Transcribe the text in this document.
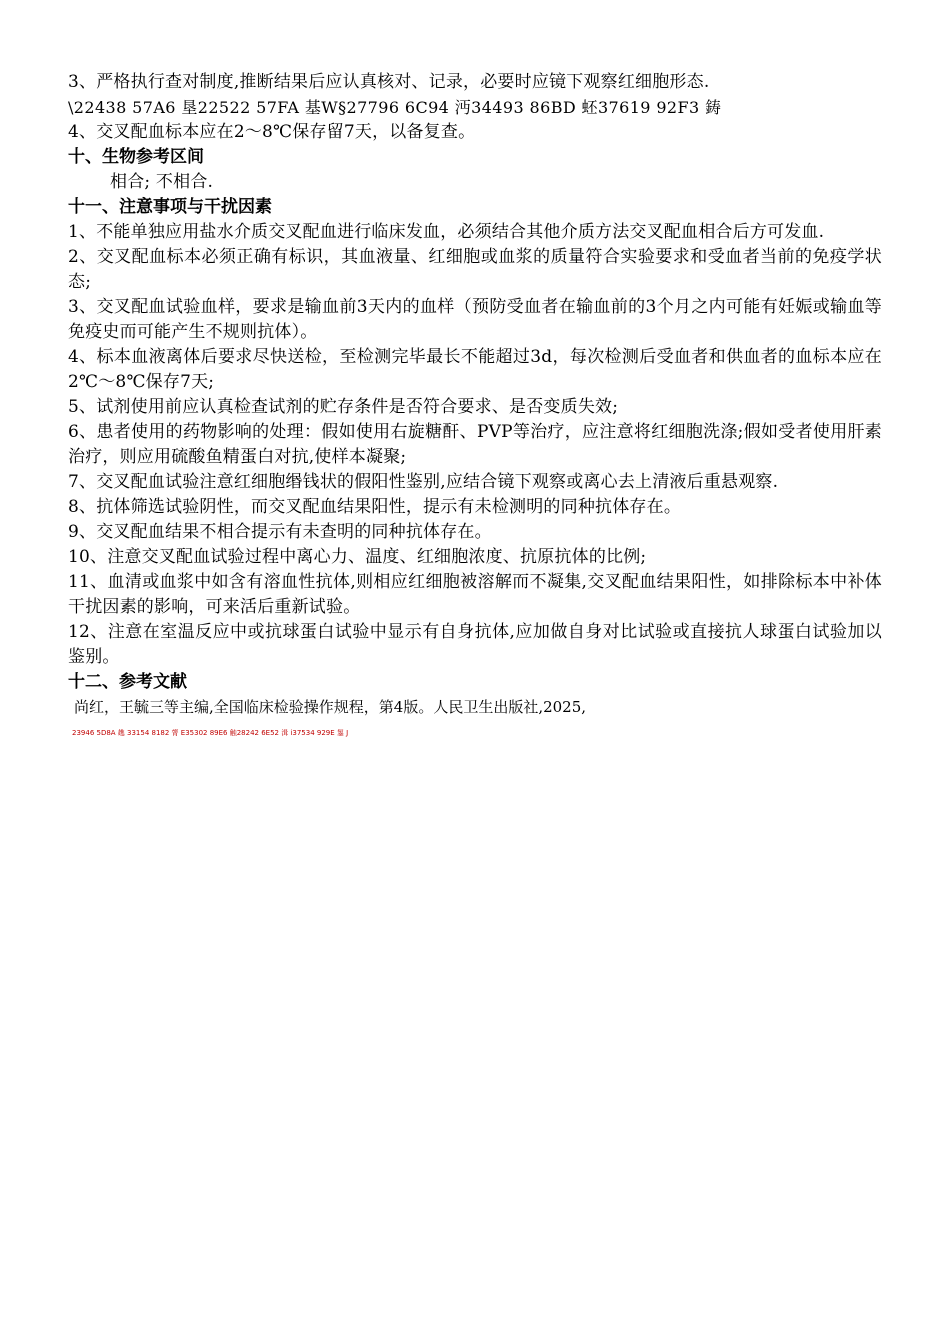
3、严格执行查对制度,推断结果后应认真核对、记录，必要时应镜下观察红细胞形态.
\22438 57A6 垦22522 57FA 基W§27796 6C94 沔34493 86BD 蚽37619 92F3 鋳
4、交叉配血标本应在2～8℃保存留7天，以备复查。
十、生物参考区间
相合; 不相合.
十一、注意事项与干扰因素
1、不能单独应用盐水介质交叉配血进行临床发血，必须结合其他介质方法交叉配血相合后方可发血.
2、交叉配血标本必须正确有标识，其血液量、红细胞或血浆的质量符合实验要求和受血者当前的免疫学状态;
3、交叉配血试验血样，要求是输血前3天内的血样（预防受血者在输血前的3个月之内可能有妊娠或输血等免疫史而可能产生不规则抗体）。
4、标本血液离体后要求尽快送检，至检测完毕最长不能超过3d，每次检测后受血者和供血者的血标本应在2℃～8℃保存7天;
5、试剂使用前应认真检查试剂的贮存条件是否符合要求、是否变质失效;
6、患者使用的药物影响的处理：假如使用右旋糖酐、PVP等治疗，应注意将红细胞洗涤;假如受者使用肝素治疗，则应用硫酸鱼精蛋白对抗,使样本凝聚;
7、交叉配血试验注意红细胞缗钱状的假阳性鉴别,应结合镜下观察或离心去上清液后重悬观察.
8、抗体筛选试验阴性，而交叉配血结果阳性，提示有未检测明的同种抗体存在。
9、交叉配血结果不相合提示有未查明的同种抗体存在。
10、注意交叉配血试验过程中离心力、温度、红细胞浓度、抗原抗体的比例;
11、血清或血浆中如含有溶血性抗体,则相应红细胞被溶解而不凝集,交叉配血结果阳性，如排除标本中补体干扰因素的影响，可来活后重新试验。
12、注意在室温反应中或抗球蛋白试验中显示有自身抗体,应加做自身对比试验或直接抗人球蛋白试验加以鉴别。
十二、参考文献
尚红，王毓三等主编,全国临床检验操作规程，第4版。人民卫生出版社,2025,
23946 5D8A 趭 33154 8182 膂 E35302 89E6 触28242 6E52 湒 i37534 929E 銞 J
